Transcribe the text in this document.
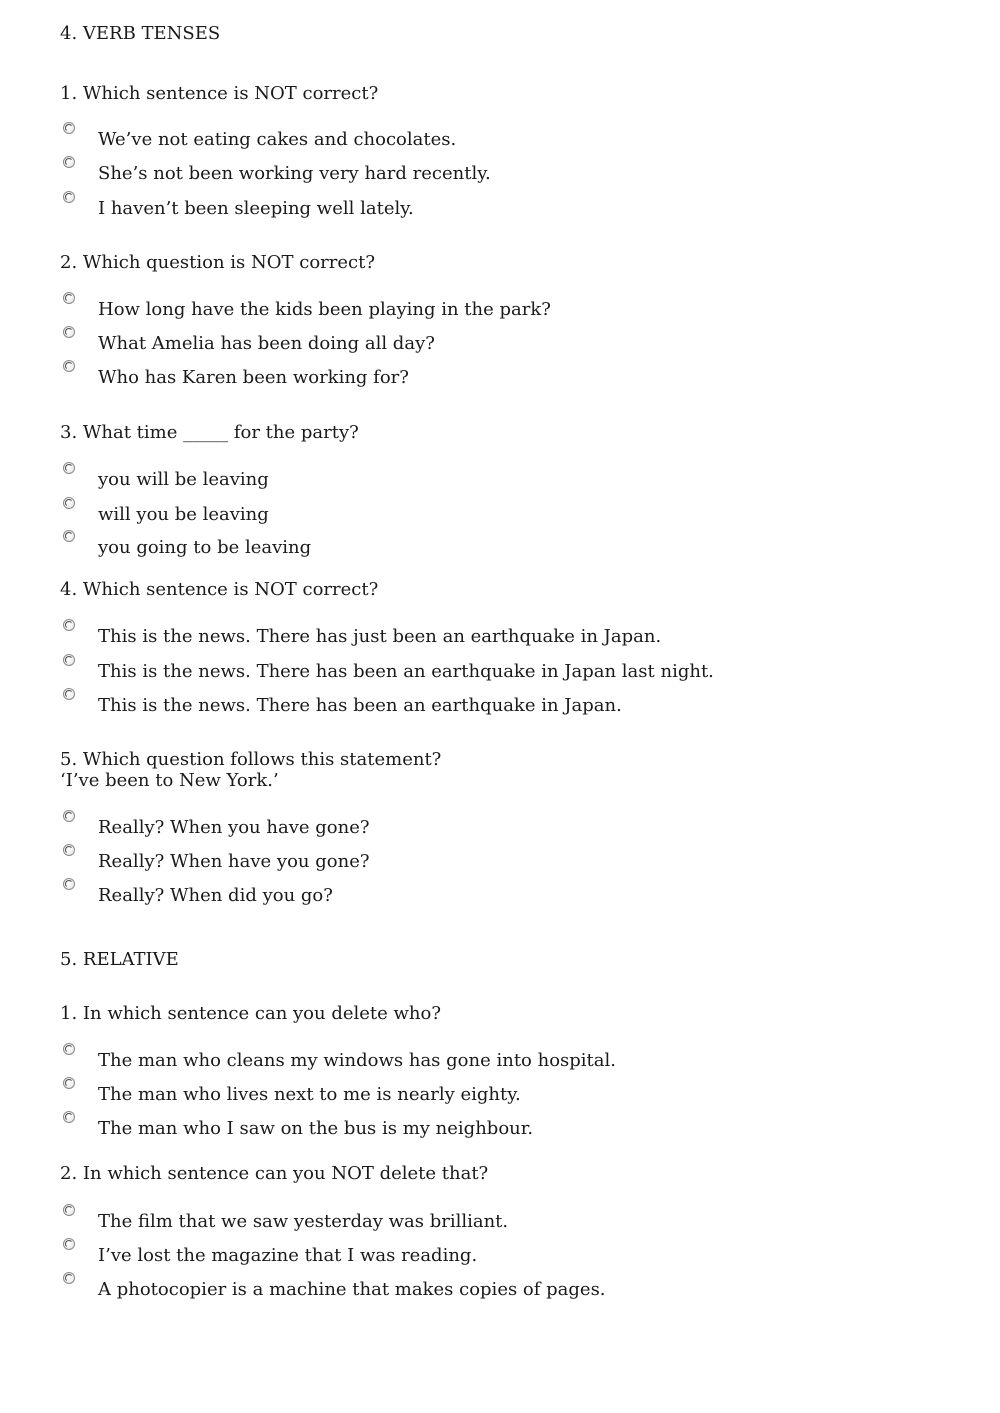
4. VERB TENSES
1. Which sentence is NOT correct?
We’ve not eating cakes and chocolates.
She’s not been working very hard recently.
I haven’t been sleeping well lately.
2. Which question is NOT correct?
How long have the kids been playing in the park?
What Amelia has been doing all day?
Who has Karen been working for?
3. What time _____ for the party?
you will be leaving
will you be leaving
you going to be leaving
4. Which sentence is NOT correct?
This is the news. There has just been an earthquake in Japan.
This is the news. There has been an earthquake in Japan last night.
This is the news. There has been an earthquake in Japan.
5. Which question follows this statement?
‘I’ve been to New York.’
Really? When you have gone?
Really? When have you gone?
Really? When did you go?
5. RELATIVE
1. In which sentence can you delete who?
The man who cleans my windows has gone into hospital.
The man who lives next to me is nearly eighty.
The man who I saw on the bus is my neighbour.
2. In which sentence can you NOT delete that?
The film that we saw yesterday was brilliant.
I’ve lost the magazine that I was reading.
A photocopier is a machine that makes copies of pages.
